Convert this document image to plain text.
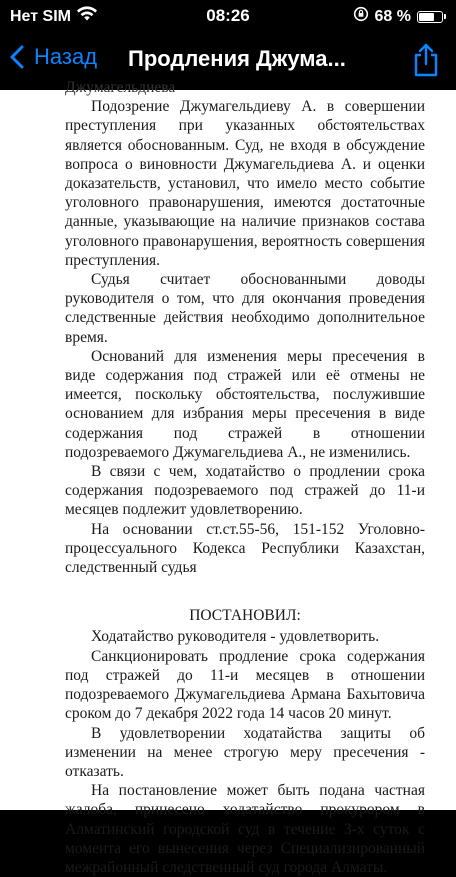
Нет SIM	08:26	68 %
Назад Продления Джума...

Джумагельдиева

Подозрение Джумагельдиеву А. в совершении преступления при указанных обстоятельствах является обоснованным. Суд, не входя в обсуждение вопроса о виновности Джумагельдиева А. и оценки доказательств, установил, что имело место событие уголовного правонарушения, имеются достаточные данные, указывающие на наличие признаков состава уголовного правонарушения, вероятность совершения преступления.

Судья считает обоснованными доводы руководителя о том, что для окончания проведения следственные действия необходимо дополнительное время.

Оснований для изменения меры пресечения в виде содержания под стражей или её отмены не имеется, поскольку обстоятельства, послужившие основанием для избрания меры пресечения в виде содержания под стражей в отношении подозреваемого Джумагельдиева А., не изменились.

В связи с чем, ходатайство о продлении срока содержания подозреваемого под стражей до 11-и месяцев подлежит удовлетворению.

На основании ст.ст.55-56, 151-152 Уголовно-процессуального Кодекса Республики Казахстан, следственный судья

ПОСТАНОВИЛ:

Ходатайство руководителя - удовлетворить.

Санкционировать продление срока содержания под стражей до 11-и месяцев в отношении подозреваемого Джумагельдиева Армана Бахытовича сроком до 7 декабря 2022 года 14 часов 20 минут.

В удовлетворении ходатайства защиты об изменении на менее строгую меру пресечения - отказать.

На постановление может быть подана частная жалоба, принесено ходатайство прокурором в Алматинский городской суд в течение 3-х суток с момента его вынесения через Специализированный межрайонный следственный суд города Алматы.
